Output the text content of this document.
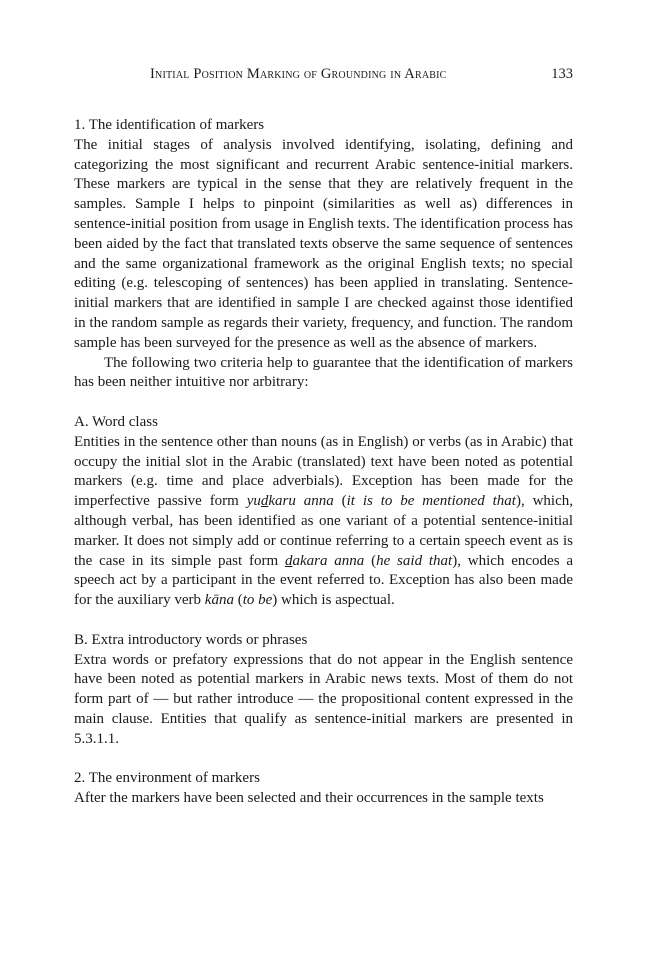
Initial Position Marking of Grounding in Arabic	133

1. The identification of markers

The initial stages of analysis involved identifying, isolating, defining and categorizing the most significant and recurrent Arabic sentence-initial markers. These markers are typical in the sense that they are relatively frequent in the samples. Sample I helps to pinpoint (similarities as well as) differences in sentence-initial position from usage in English texts. The identification process has been aided by the fact that translated texts observe the same sequence of sentences and the same organizational framework as the original English texts; no special editing (e.g. telescoping of sentences) has been applied in translating. Sentence-initial markers that are identified in sample I are checked against those identified in the random sample as regards their variety, frequency, and function. The random sample has been surveyed for the presence as well as the absence of markers.

The following two criteria help to guarantee that the identification of markers has been neither intuitive nor arbitrary:

A. Word class

Entities in the sentence other than nouns (as in English) or verbs (as in Arabic) that occupy the initial slot in the Arabic (translated) text have been noted as potential markers (e.g. time and place adverbials). Exception has been made for the imperfective passive form yudkaru anna (it is to be mentioned that), which, although verbal, has been identified as one variant of a potential sentence-initial marker. It does not simply add or continue referring to a certain speech event as is the case in its simple past form dakara anna (he said that), which encodes a speech act by a participant in the event referred to. Exception has also been made for the auxiliary verb kāna (to be) which is aspectual.

B. Extra introductory words or phrases

Extra words or prefatory expressions that do not appear in the English sentence have been noted as potential markers in Arabic news texts. Most of them do not form part of — but rather introduce — the propositional content expressed in the main clause. Entities that qualify as sentence-initial markers are presented in 5.3.1.1.

2. The environment of markers

After the markers have been selected and their occurrences in the sample texts
